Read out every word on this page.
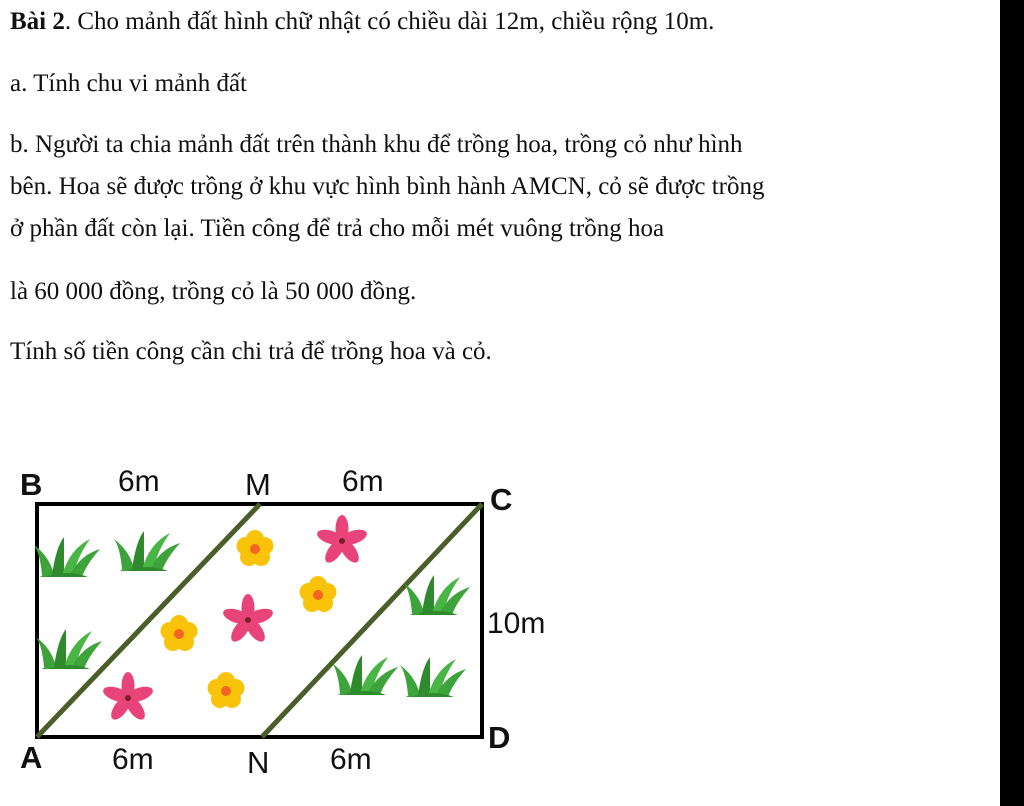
Bài 2. Cho mảnh đất hình chữ nhật có chiều dài 12m, chiều rộng 10m.
a. Tính chu vi mảnh đất
b. Người ta chia mảnh đất trên thành khu để trồng hoa, trồng cỏ như hình
bên. Hoa sẽ được trồng ở khu vực hình bình hành AMCN, cỏ sẽ được trồng
ở phần đất còn lại. Tiền công để trả cho mỗi mét vuông trồng hoa
là 60 000 đồng, trồng cỏ là 50 000 đồng.
Tính số tiền công cần chi trả để trồng hoa và cỏ.
B	M	C
D
A	N
6m	6m
6m	6m
10m
